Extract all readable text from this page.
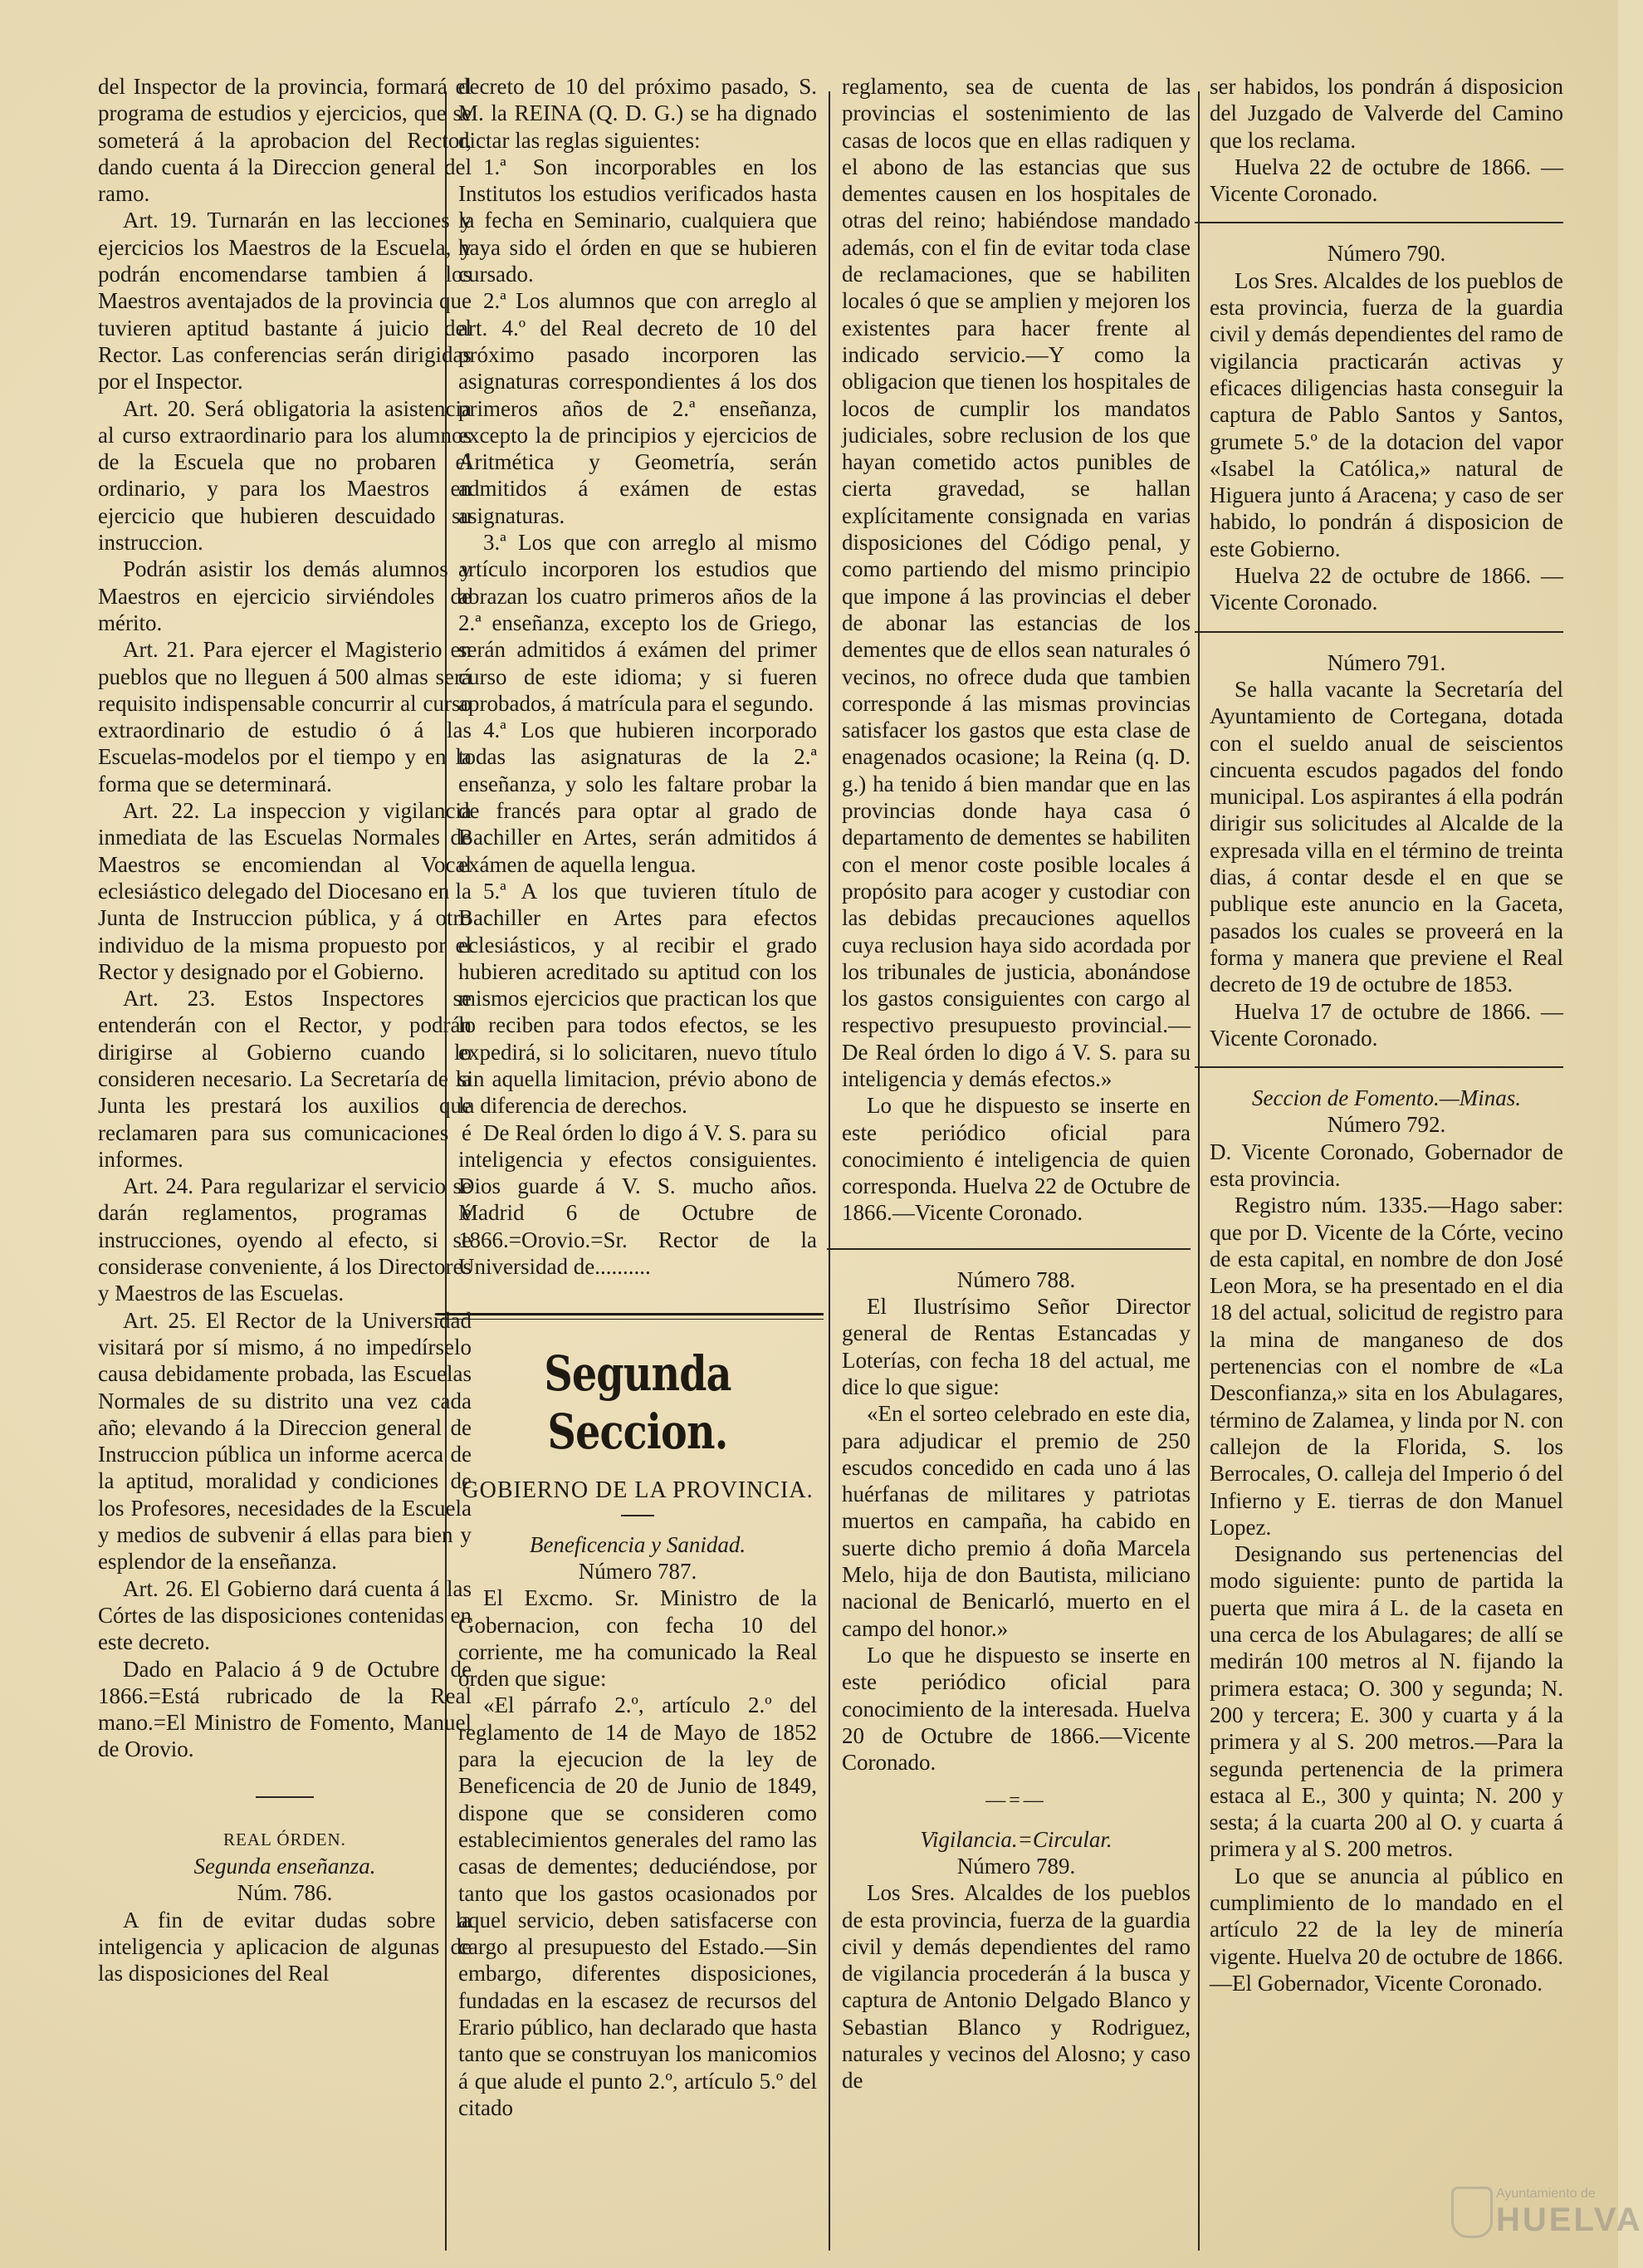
del Inspector de la provincia, formará el programa de estudios y ejercicios, que se someterá á la aprobacion del Rector, dando cuenta á la Direccion general del ramo.

Art. 19. Turnarán en las lecciones y ejercicios los Maestros de la Escuela, y podrán encomendarse tambien á los Maestros aventajados de la provincia que tuvieren aptitud bastante á juicio del Rector. Las conferencias serán dirigidas por el Inspector.

Art. 20. Será obligatoria la asistencia al curso extraordinario para los alumnos de la Escuela que no probaren el ordinario, y para los Maestros en ejercicio que hubieren descuidado su instruccion.

Podrán asistir los demás alumnos y Maestros en ejercicio sirviéndoles de mérito.

Art. 21. Para ejercer el Magisterio en pueblos que no lleguen á 500 almas será requisito indispensable concurrir al curso extraordinario de estudio ó á las Escuelas-modelos por el tiempo y en la forma que se determinará.

Art. 22. La inspeccion y vigilancia inmediata de las Escuelas Normales de Maestros se encomiendan al Vocal eclesiástico delegado del Diocesano en la Junta de Instruccion pública, y á otro individuo de la misma propuesto por el Rector y designado por el Gobierno.

Art. 23. Estos Inspectores se entenderán con el Rector, y podrán dirigirse al Gobierno cuando lo consideren necesario. La Secretaría de la Junta les prestará los auxilios que reclamaren para sus comunicaciones é informes.

Art. 24. Para regularizar el servicio se darán reglamentos, programas é instrucciones, oyendo al efecto, si se considerase conveniente, á los Directores y Maestros de las Escuelas.

Art. 25. El Rector de la Universidad visitará por sí mismo, á no impedírselo causa debidamente probada, las Escuelas Normales de su distrito una vez cada año; elevando á la Direccion general de Instruccion pública un informe acerca de la aptitud, moralidad y condiciones de los Profesores, necesidades de la Escuela y medios de subvenir á ellas para bien y esplendor de la enseñanza.

Art. 26. El Gobierno dará cuenta á las Córtes de las disposiciones contenidas en este decreto.

Dado en Palacio á 9 de Octubre de 1866.=Está rubricado de la Real mano.=El Ministro de Fomento, Manuel de Orovio.

REAL ÓRDEN.

Segunda enseñanza.

Núm. 786.

A fin de evitar dudas sobre la inteligencia y aplicacion de algunas de las disposiciones del Real

decreto de 10 del próximo pasado, S. M. la REINA (Q. D. G.) se ha dignado dictar las reglas siguientes:

1.ª Son incorporables en los Institutos los estudios verificados hasta la fecha en Seminario, cualquiera que haya sido el órden en que se hubieren cursado.

2.ª Los alumnos que con arreglo al art. 4.º del Real decreto de 10 del próximo pasado incorporen las asignaturas correspondientes á los dos primeros años de 2.ª enseñanza, excepto la de principios y ejercicios de Aritmética y Geometría, serán admitidos á exámen de estas asignaturas.

3.ª Los que con arreglo al mismo artículo incorporen los estudios que abrazan los cuatro primeros años de la 2.ª enseñanza, excepto los de Griego, serán admitidos á exámen del primer curso de este idioma; y si fueren aprobados, á matrícula para el segundo.

4.ª Los que hubieren incorporado todas las asignaturas de la 2.ª enseñanza, y solo les faltare probar la de francés para optar al grado de Bachiller en Artes, serán admitidos á exámen de aquella lengua.

5.ª A los que tuvieren título de Bachiller en Artes para efectos eclesiásticos, y al recibir el grado hubieren acreditado su aptitud con los mismos ejercicios que practican los que lo reciben para todos efectos, se les expedirá, si lo solicitaren, nuevo título sin aquella limitacion, prévio abono de la diferencia de derechos.

De Real órden lo digo á V. S. para su inteligencia y efectos consiguientes. Dios guarde á V. S. mucho años. Madrid 6 de Octubre de 1866.=Orovio.=Sr. Rector de la Universidad de..........

Segunda Seccion.
GOBIERNO DE LA PROVINCIA.

Beneficencia y Sanidad.

Número 787.

El Excmo. Sr. Ministro de la Gobernacion, con fecha 10 del corriente, me ha comunicado la Real órden que sigue:

«El párrafo 2.º, artículo 2.º del reglamento de 14 de Mayo de 1852 para la ejecucion de la ley de Beneficencia de 20 de Junio de 1849, dispone que se consideren como establecimientos generales del ramo las casas de dementes; deduciéndose, por tanto que los gastos ocasionados por aquel servicio, deben satisfacerse con cargo al presupuesto del Estado.—Sin embargo, diferentes disposiciones, fundadas en la escasez de recursos del Erario público, han declarado que hasta tanto que se construyan los manicomios á que alude el punto 2.º, artículo 5.º del citado

reglamento, sea de cuenta de las provincias el sostenimiento de las casas de locos que en ellas radiquen y el abono de las estancias que sus dementes causen en los hospitales de otras del reino; habiéndose mandado además, con el fin de evitar toda clase de reclamaciones, que se habiliten locales ó que se amplien y mejoren los existentes para hacer frente al indicado servicio.—Y como la obligacion que tienen los hospitales de locos de cumplir los mandatos judiciales, sobre reclusion de los que hayan cometido actos punibles de cierta gravedad, se hallan explícitamente consignada en varias disposiciones del Código penal, y como partiendo del mismo principio que impone á las provincias el deber de abonar las estancias de los dementes que de ellos sean naturales ó vecinos, no ofrece duda que tambien corresponde á las mismas provincias satisfacer los gastos que esta clase de enagenados ocasione; la Reina (q. D. g.) ha tenido á bien mandar que en las provincias donde haya casa ó departamento de dementes se habiliten con el menor coste posible locales á propósito para acoger y custodiar con las debidas precauciones aquellos cuya reclusion haya sido acordada por los tribunales de justicia, abonándose los gastos consiguientes con cargo al respectivo presupuesto provincial.—De Real órden lo digo á V. S. para su inteligencia y demás efectos.»

Lo que he dispuesto se inserte en este periódico oficial para conocimiento é inteligencia de quien corresponda. Huelva 22 de Octubre de 1866.—Vicente Coronado.

Número 788.

El Ilustrísimo Señor Director general de Rentas Estancadas y Loterías, con fecha 18 del actual, me dice lo que sigue:

«En el sorteo celebrado en este dia, para adjudicar el premio de 250 escudos concedido en cada uno á las huérfanas de militares y patriotas muertos en campaña, ha cabido en suerte dicho premio á doña Marcela Melo, hija de don Bautista, miliciano nacional de Benicarló, muerto en el campo del honor.»

Lo que he dispuesto se inserte en este periódico oficial para conocimiento de la interesada. Huelva 20 de Octubre de 1866.—Vicente Coronado.

—=—

Vigilancia.=Circular.

Número 789.

Los Sres. Alcaldes de los pueblos de esta provincia, fuerza de la guardia civil y demás dependientes del ramo de vigilancia procederán á la busca y captura de Antonio Delgado Blanco y Sebastian Blanco y Rodriguez, naturales y vecinos del Alosno; y caso de

ser habidos, los pondrán á disposicion del Juzgado de Valverde del Camino que los reclama.

Huelva 22 de octubre de 1866. —Vicente Coronado.

Número 790.

Los Sres. Alcaldes de los pueblos de esta provincia, fuerza de la guardia civil y demás dependientes del ramo de vigilancia practicarán activas y eficaces diligencias hasta conseguir la captura de Pablo Santos y Santos, grumete 5.º de la dotacion del vapor «Isabel la Católica,» natural de Higuera junto á Aracena; y caso de ser habido, lo pondrán á disposicion de este Gobierno.

Huelva 22 de octubre de 1866. —Vicente Coronado.

Número 791.

Se halla vacante la Secretaría del Ayuntamiento de Cortegana, dotada con el sueldo anual de seiscientos cincuenta escudos pagados del fondo municipal. Los aspirantes á ella podrán dirigir sus solicitudes al Alcalde de la expresada villa en el término de treinta dias, á contar desde el en que se publique este anuncio en la Gaceta, pasados los cuales se proveerá en la forma y manera que previene el Real decreto de 19 de octubre de 1853.

Huelva 17 de octubre de 1866. —Vicente Coronado.

Seccion de Fomento.—Minas.

Número 792.

D. Vicente Coronado, Gobernador de esta provincia.

Registro núm. 1335.—Hago saber: que por D. Vicente de la Córte, vecino de esta capital, en nombre de don José Leon Mora, se ha presentado en el dia 18 del actual, solicitud de registro para la mina de manganeso de dos pertenencias con el nombre de «La Desconfianza,» sita en los Abulagares, término de Zalamea, y linda por N. con callejon de la Florida, S. los Berrocales, O. calleja del Imperio ó del Infierno y E. tierras de don Manuel Lopez.

Designando sus pertenencias del modo siguiente: punto de partida la puerta que mira á L. de la caseta en una cerca de los Abulagares; de allí se medirán 100 metros al N. fijando la primera estaca; O. 300 y segunda; N. 200 y tercera; E. 300 y cuarta y á la primera y al S. 200 metros.—Para la segunda pertenencia de la primera estaca al E., 300 y quinta; N. 200 y sesta; á la cuarta 200 al O. y cuarta á primera y al S. 200 metros.

Lo que se anuncia al público en cumplimiento de lo mandado en el artículo 22 de la ley de minería vigente. Huelva 20 de octubre de 1866.—El Gobernador, Vicente Coronado.

Ayuntamiento de
HUELVA
